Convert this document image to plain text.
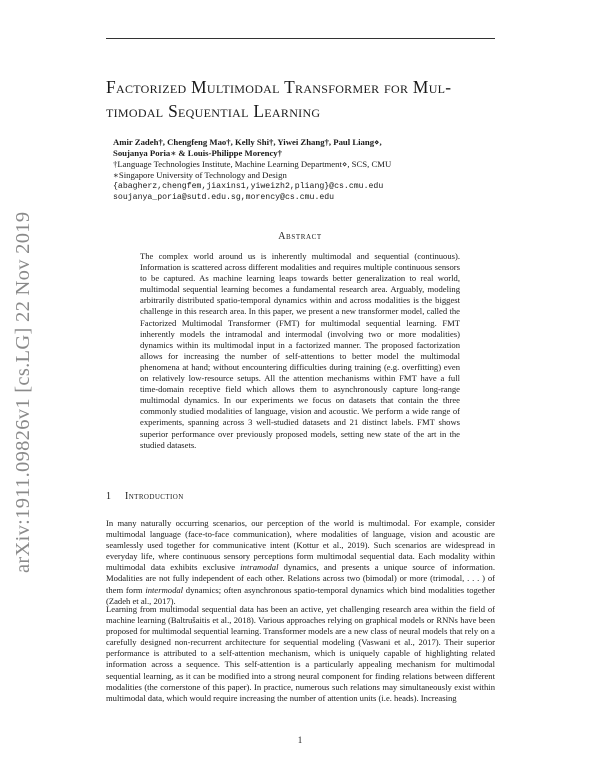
arXiv:1911.09826v1 [cs.LG] 22 Nov 2019
Factorized Multimodal Transformer for Mul-
timodal Sequential Learning
Amir Zadeh†, Chengfeng Mao†, Kelly Shi†, Yiwei Zhang†, Paul Liang⋄,
Soujanya Poria∗ & Louis-Philippe Morency†
†Language Technologies Institute, Machine Learning Department⋄, SCS, CMU
∗Singapore University of Technology and Design
{abagherz,chengfem,jiaxins1,yiweizh2,pliang}@cs.cmu.edu
soujanya_poria@sutd.edu.sg,morency@cs.cmu.edu
Abstract
The complex world around us is inherently multimodal and sequential (continuous). Information is scattered across different modalities and requires multiple continuous sensors to be captured. As machine learning leaps towards better generalization to real world, multimodal sequential learning becomes a fundamental research area. Arguably, modeling arbitrarily distributed spatio-temporal dynamics within and across modalities is the biggest challenge in this research area. In this paper, we present a new transformer model, called the Factorized Multimodal Transformer (FMT) for multimodal sequential learning. FMT inherently models the intramodal and intermodal (involving two or more modalities) dynamics within its multimodal input in a factorized manner. The proposed factorization allows for increasing the number of self-attentions to better model the multimodal phenomena at hand; without encountering difficulties during training (e.g. overfitting) even on relatively low-resource setups. All the attention mechanisms within FMT have a full time-domain receptive field which allows them to asynchronously capture long-range multimodal dynamics. In our experiments we focus on datasets that contain the three commonly studied modalities of language, vision and acoustic. We perform a wide range of experiments, spanning across 3 well-studied datasets and 21 distinct labels. FMT shows superior performance over previously proposed models, setting new state of the art in the studied datasets.
1 Introduction
In many naturally occurring scenarios, our perception of the world is multimodal. For example, consider multimodal language (face-to-face communication), where modalities of language, vision and acoustic are seamlessly used together for communicative intent (Kottur et al., 2019). Such scenarios are widespread in everyday life, where continuous sensory perceptions form multimodal sequential data. Each modality within multimodal data exhibits exclusive intramodal dynamics, and presents a unique source of information. Modalities are not fully independent of each other. Relations across two (bimodal) or more (trimodal, . . . ) of them form intermodal dynamics; often asynchronous spatio-temporal dynamics which bind modalities together (Zadeh et al., 2017).
Learning from multimodal sequential data has been an active, yet challenging research area within the field of machine learning (Baltrušaitis et al., 2018). Various approaches relying on graphical models or RNNs have been proposed for multimodal sequential learning. Transformer models are a new class of neural models that rely on a carefully designed non-recurrent architecture for sequential modeling (Vaswani et al., 2017). Their superior performance is attributed to a self-attention mechanism, which is uniquely capable of highlighting related information across a sequence. This self-attention is a particularly appealing mechanism for multimodal sequential learning, as it can be modified into a strong neural component for finding relations between different modalities (the cornerstone of this paper). In practice, numerous such relations may simultaneously exist within multimodal data, which would require increasing the number of attention units (i.e. heads). Increasing
1
